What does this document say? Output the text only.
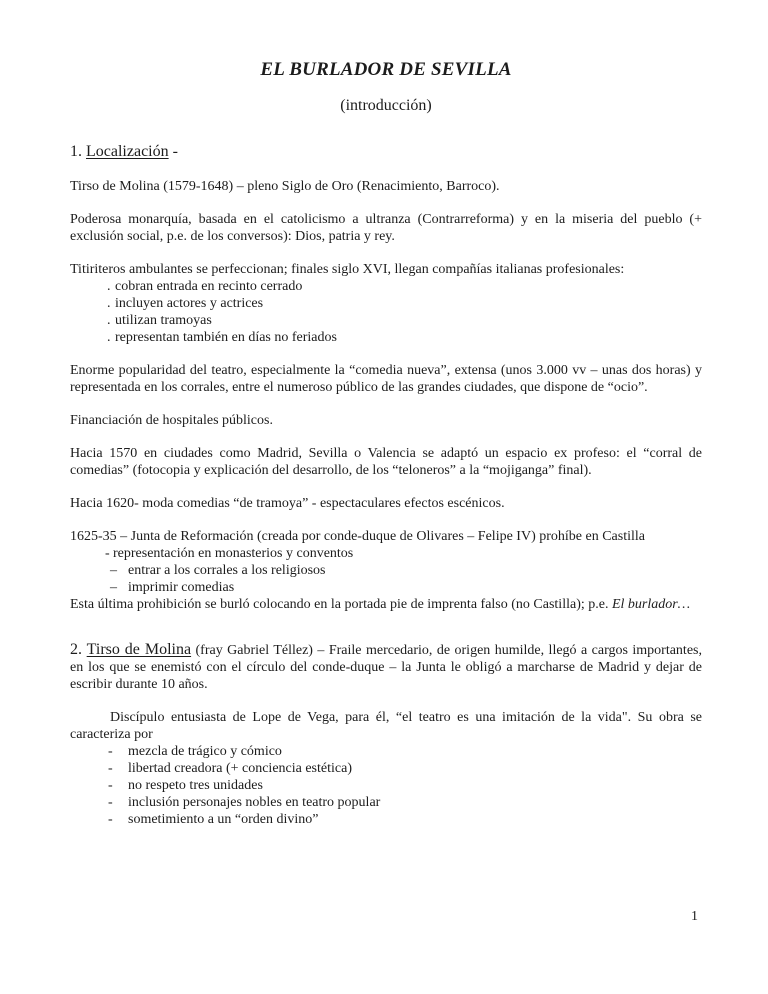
EL BURLADOR DE SEVILLA

(introducción)

1. Localización -

Tirso de Molina (1579-1648) – pleno Siglo de Oro (Renacimiento, Barroco).

Poderosa monarquía, basada en el catolicismo a ultranza (Contrarreforma) y en la miseria del pueblo (+ exclusión social, p.e. de los conversos): Dios, patria y rey.

Titiriteros ambulantes se perfeccionan; finales siglo XVI, llegan compañías italianas profesionales:

. cobran entrada en recinto cerrado
. incluyen actores y actrices
. utilizan tramoyas
. representan también en días no feriados

Enorme popularidad del teatro, especialmente la “comedia nueva”, extensa (unos 3.000 vv – unas dos horas) y representada en los corrales, entre el numeroso público de las grandes ciudades, que dispone de “ocio”.

Financiación de hospitales públicos.

Hacia 1570 en ciudades como Madrid, Sevilla o Valencia se adaptó un espacio ex profeso: el “corral de comedias” (fotocopia y explicación del desarrollo, de los “teloneros” a la “mojiganga” final).

Hacia 1620- moda comedias “de tramoya” - espectaculares efectos escénicos.

1625-35 – Junta de Reformación (creada por conde-duque de Olivares – Felipe IV) prohíbe en Castilla

- representación en monasterios y conventos
– entrar a los corrales a los religiosos
– imprimir comedias

Esta última prohibición se burló colocando en la portada pie de imprenta falso (no Castilla); p.e. El burlador…

2. Tirso de Molina (fray Gabriel Téllez) – Fraile mercedario, de origen humilde, llegó a cargos importantes, en los que se enemistó con el círculo del conde-duque – la Junta le obligó a marcharse de Madrid y dejar de escribir durante 10 años.

Discípulo entusiasta de Lope de Vega, para él, “el teatro es una imitación de la vida". Su obra se caracteriza por

-	mezcla de trágico y cómico
-	libertad creadora (+ conciencia estética)
-	no respeto tres unidades
-	inclusión personajes nobles en teatro popular
-	sometimiento a un “orden divino”
1
